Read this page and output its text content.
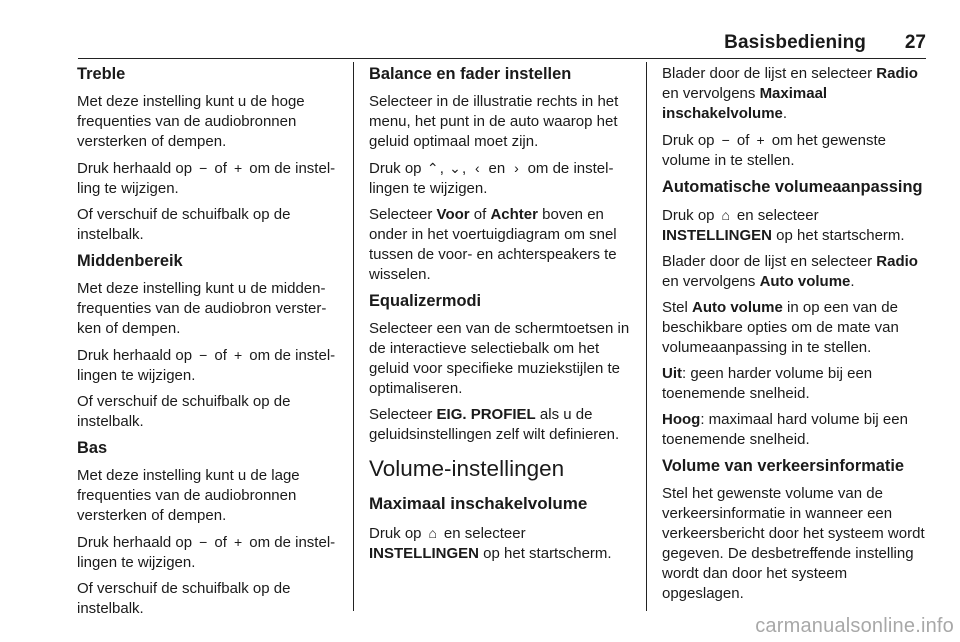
Basisbediening 27

Treble

Met deze instelling kunt u de hoge frequenties van de audiobronnen versterken of dempen.

Druk herhaald op − of + om de instelling te wijzigen.

Of verschuif de schuifbalk op de instelbalk.

Middenbereik

Met deze instelling kunt u de middenfrequenties van de audiobron versterken of dempen.

Druk herhaald op − of + om de instellingen te wijzigen.

Of verschuif de schuifbalk op de instelbalk.

Bas

Met deze instelling kunt u de lage frequenties van de audiobronnen versterken of dempen.

Druk herhaald op − of + om de instellingen te wijzigen.

Of verschuif de schuifbalk op de instelbalk.

Balance en fader instellen

Selecteer in de illustratie rechts in het menu, het punt in de auto waarop het geluid optimaal moet zijn.

Druk op ⌃, ⌄, ‹ en › om de instellingen te wijzigen.

Selecteer Voor of Achter boven en onder in het voertuigdiagram om snel tussen de voor- en achterspeakers te wisselen.

Equalizermodi

Selecteer een van de schermtoetsen in de interactieve selectiebalk om het geluid voor specifieke muziekstijlen te optimaliseren.

Selecteer EIG. PROFIEL als u de geluidsinstellingen zelf wilt definieren.

Volume-instellingen

Maximaal inschakelvolume

Druk op ⌂ en selecteer INSTELLINGEN op het startscherm.

Blader door de lijst en selecteer Radio en vervolgens Maximaal inschakelvolume.

Druk op − of + om het gewenste volume in te stellen.

Automatische volumeaanpassing

Druk op ⌂ en selecteer INSTELLINGEN op het startscherm.

Blader door de lijst en selecteer Radio en vervolgens Auto volume.

Stel Auto volume in op een van de beschikbare opties om de mate van volumeaanpassing in te stellen.

Uit: geen harder volume bij een toenemende snelheid.

Hoog: maximaal hard volume bij een toenemende snelheid.

Volume van verkeersinformatie

Stel het gewenste volume van de verkeersinformatie in wanneer een verkeersbericht door het systeem wordt gegeven. De desbetreffende instelling wordt dan door het systeem opgeslagen.

carmanualsonline.info
